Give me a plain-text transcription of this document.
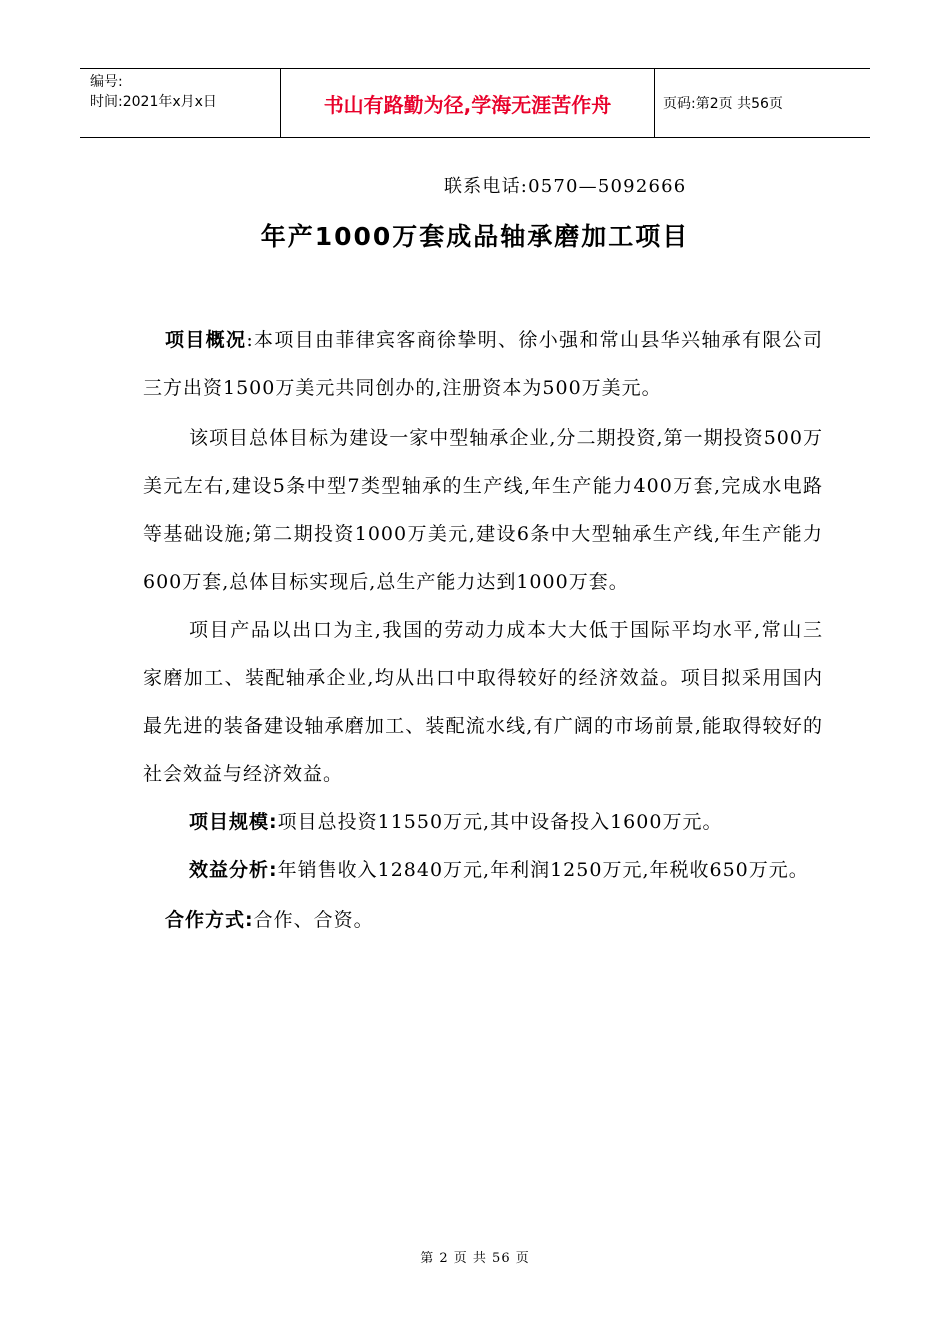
编号:
时间:2021年x月x日	书山有路勤为径,学海无涯苦作舟	页码:第2页 共56页
联系电话:0570—5092666
年产1000万套成品轴承磨加工项目

项目概况:本项目由菲律宾客商徐挚明、徐小强和常山县华兴轴承有限公司三方出资1500万美元共同创办的,注册资本为500万美元。

该项目总体目标为建设一家中型轴承企业,分二期投资,第一期投资500万美元左右,建设5条中型7类型轴承的生产线,年生产能力400万套,完成水电路等基础设施;第二期投资1000万美元,建设6条中大型轴承生产线,年生产能力600万套,总体目标实现后,总生产能力达到1000万套。

项目产品以出口为主,我国的劳动力成本大大低于国际平均水平,常山三家磨加工、装配轴承企业,均从出口中取得较好的经济效益。项目拟采用国内最先进的装备建设轴承磨加工、装配流水线,有广阔的市场前景,能取得较好的社会效益与经济效益。

项目规模:项目总投资11550万元,其中设备投入1600万元。

效益分析:年销售收入12840万元,年利润1250万元,年税收650万元。

合作方式:合作、合资。

第 2 页 共 56 页
